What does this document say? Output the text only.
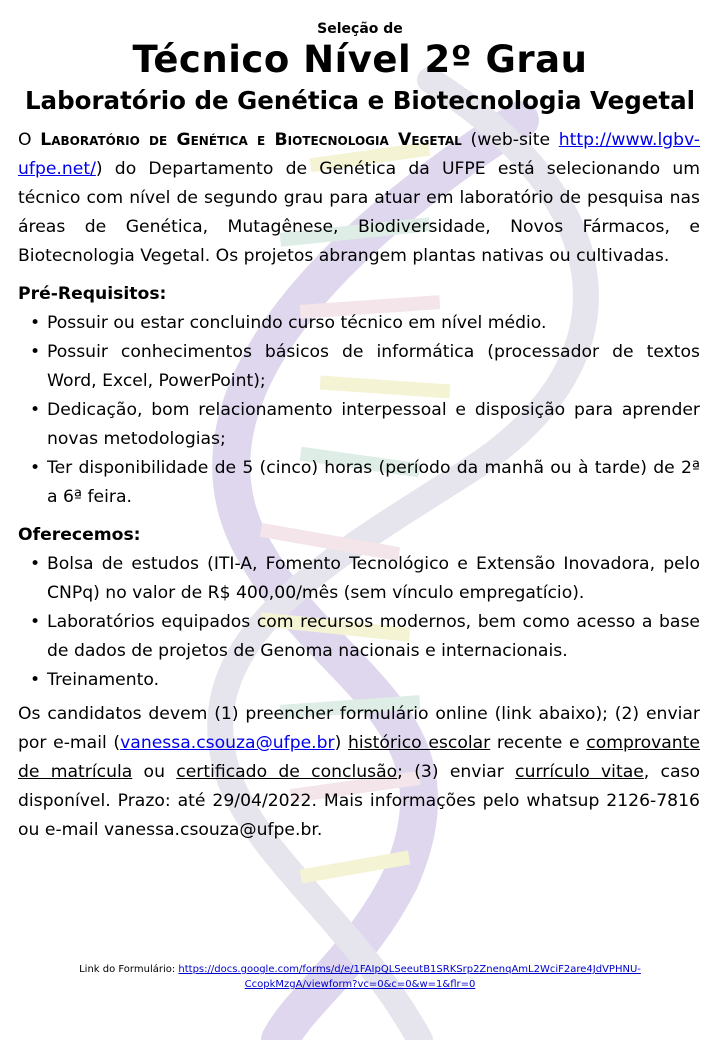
Seleção de
Técnico Nível 2º Grau
Laboratório de Genética e Biotecnologia Vegetal

O Laboratório de Genética e Biotecnologia Vegetal (web-site http://www.lgbv-ufpe.net/) do Departamento de Genética da UFPE está selecionando um técnico com nível de segundo grau para atuar em laboratório de pesquisa nas áreas de Genética, Mutagênese, Biodiversidade, Novos Fármacos, e Biotecnologia Vegetal. Os projetos abrangem plantas nativas ou cultivadas.

Pré-Requisitos:

• Possuir ou estar concluindo curso técnico em nível médio.
• Possuir conhecimentos básicos de informática (processador de textos Word, Excel, PowerPoint);
• Dedicação, bom relacionamento interpessoal e disposição para aprender novas metodologias;
• Ter disponibilidade de 5 (cinco) horas (período da manhã ou à tarde) de 2ª a 6ª feira.

Oferecemos:

• Bolsa de estudos (ITI-A, Fomento Tecnológico e Extensão Inovadora, pelo CNPq) no valor de R$ 400,00/mês (sem vínculo empregatício).
• Laboratórios equipados com recursos modernos, bem como acesso a base de dados de projetos de Genoma nacionais e internacionais.
• Treinamento.

Os candidatos devem (1) preencher formulário online (link abaixo); (2) enviar por e-mail (vanessa.csouza@ufpe.br) histórico escolar recente e comprovante de matrícula ou certificado de conclusão; (3) enviar currículo vitae, caso disponível. Prazo: até 29/04/2022. Mais informações pelo whatsup 2126-7816 ou e-mail vanessa.csouza@ufpe.br.

Link do Formulário: https://docs.google.com/forms/d/e/1FAIpQLSeeutB1SRKSrp2ZnenqAmL2WciF2are4JdVPHNU-CcopkMzgA/viewform?vc=0&c=0&w=1&flr=0
